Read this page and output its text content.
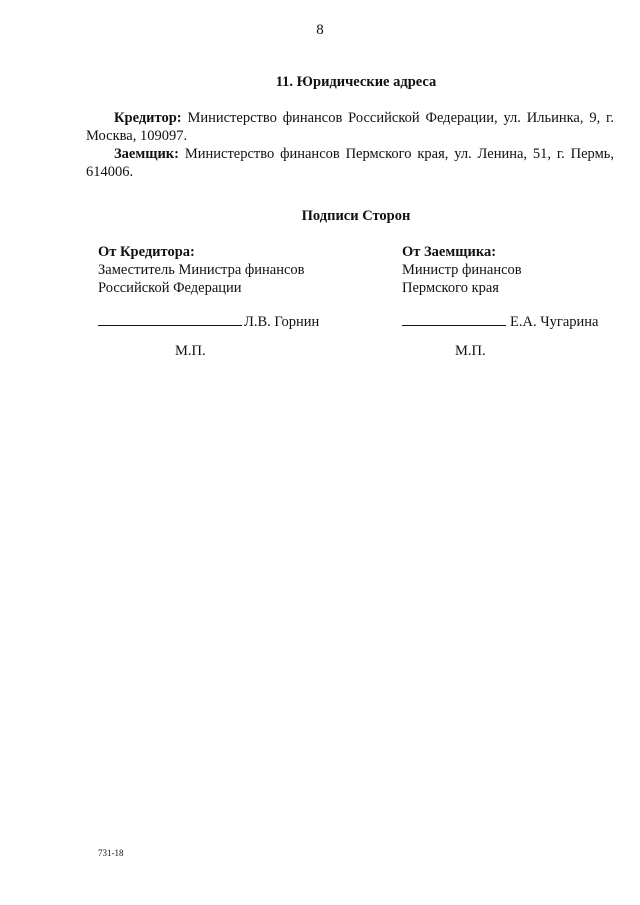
8
11. Юридические адреса

Кредитор: Министерство финансов Российской Федерации, ул. Ильинка, 9, г. Москва, 109097.

Заемщик: Министерство финансов Пермского края, ул. Ленина, 51, г. Пермь, 614006.

Подписи Сторон
От Кредитора:
Заместитель Министра финансов
Российской Федерации
От Заемщика:
Министр финансов
Пермского края
Л.В. Горнин	Е.А. Чугарина
М.П.	М.П.
731-18
